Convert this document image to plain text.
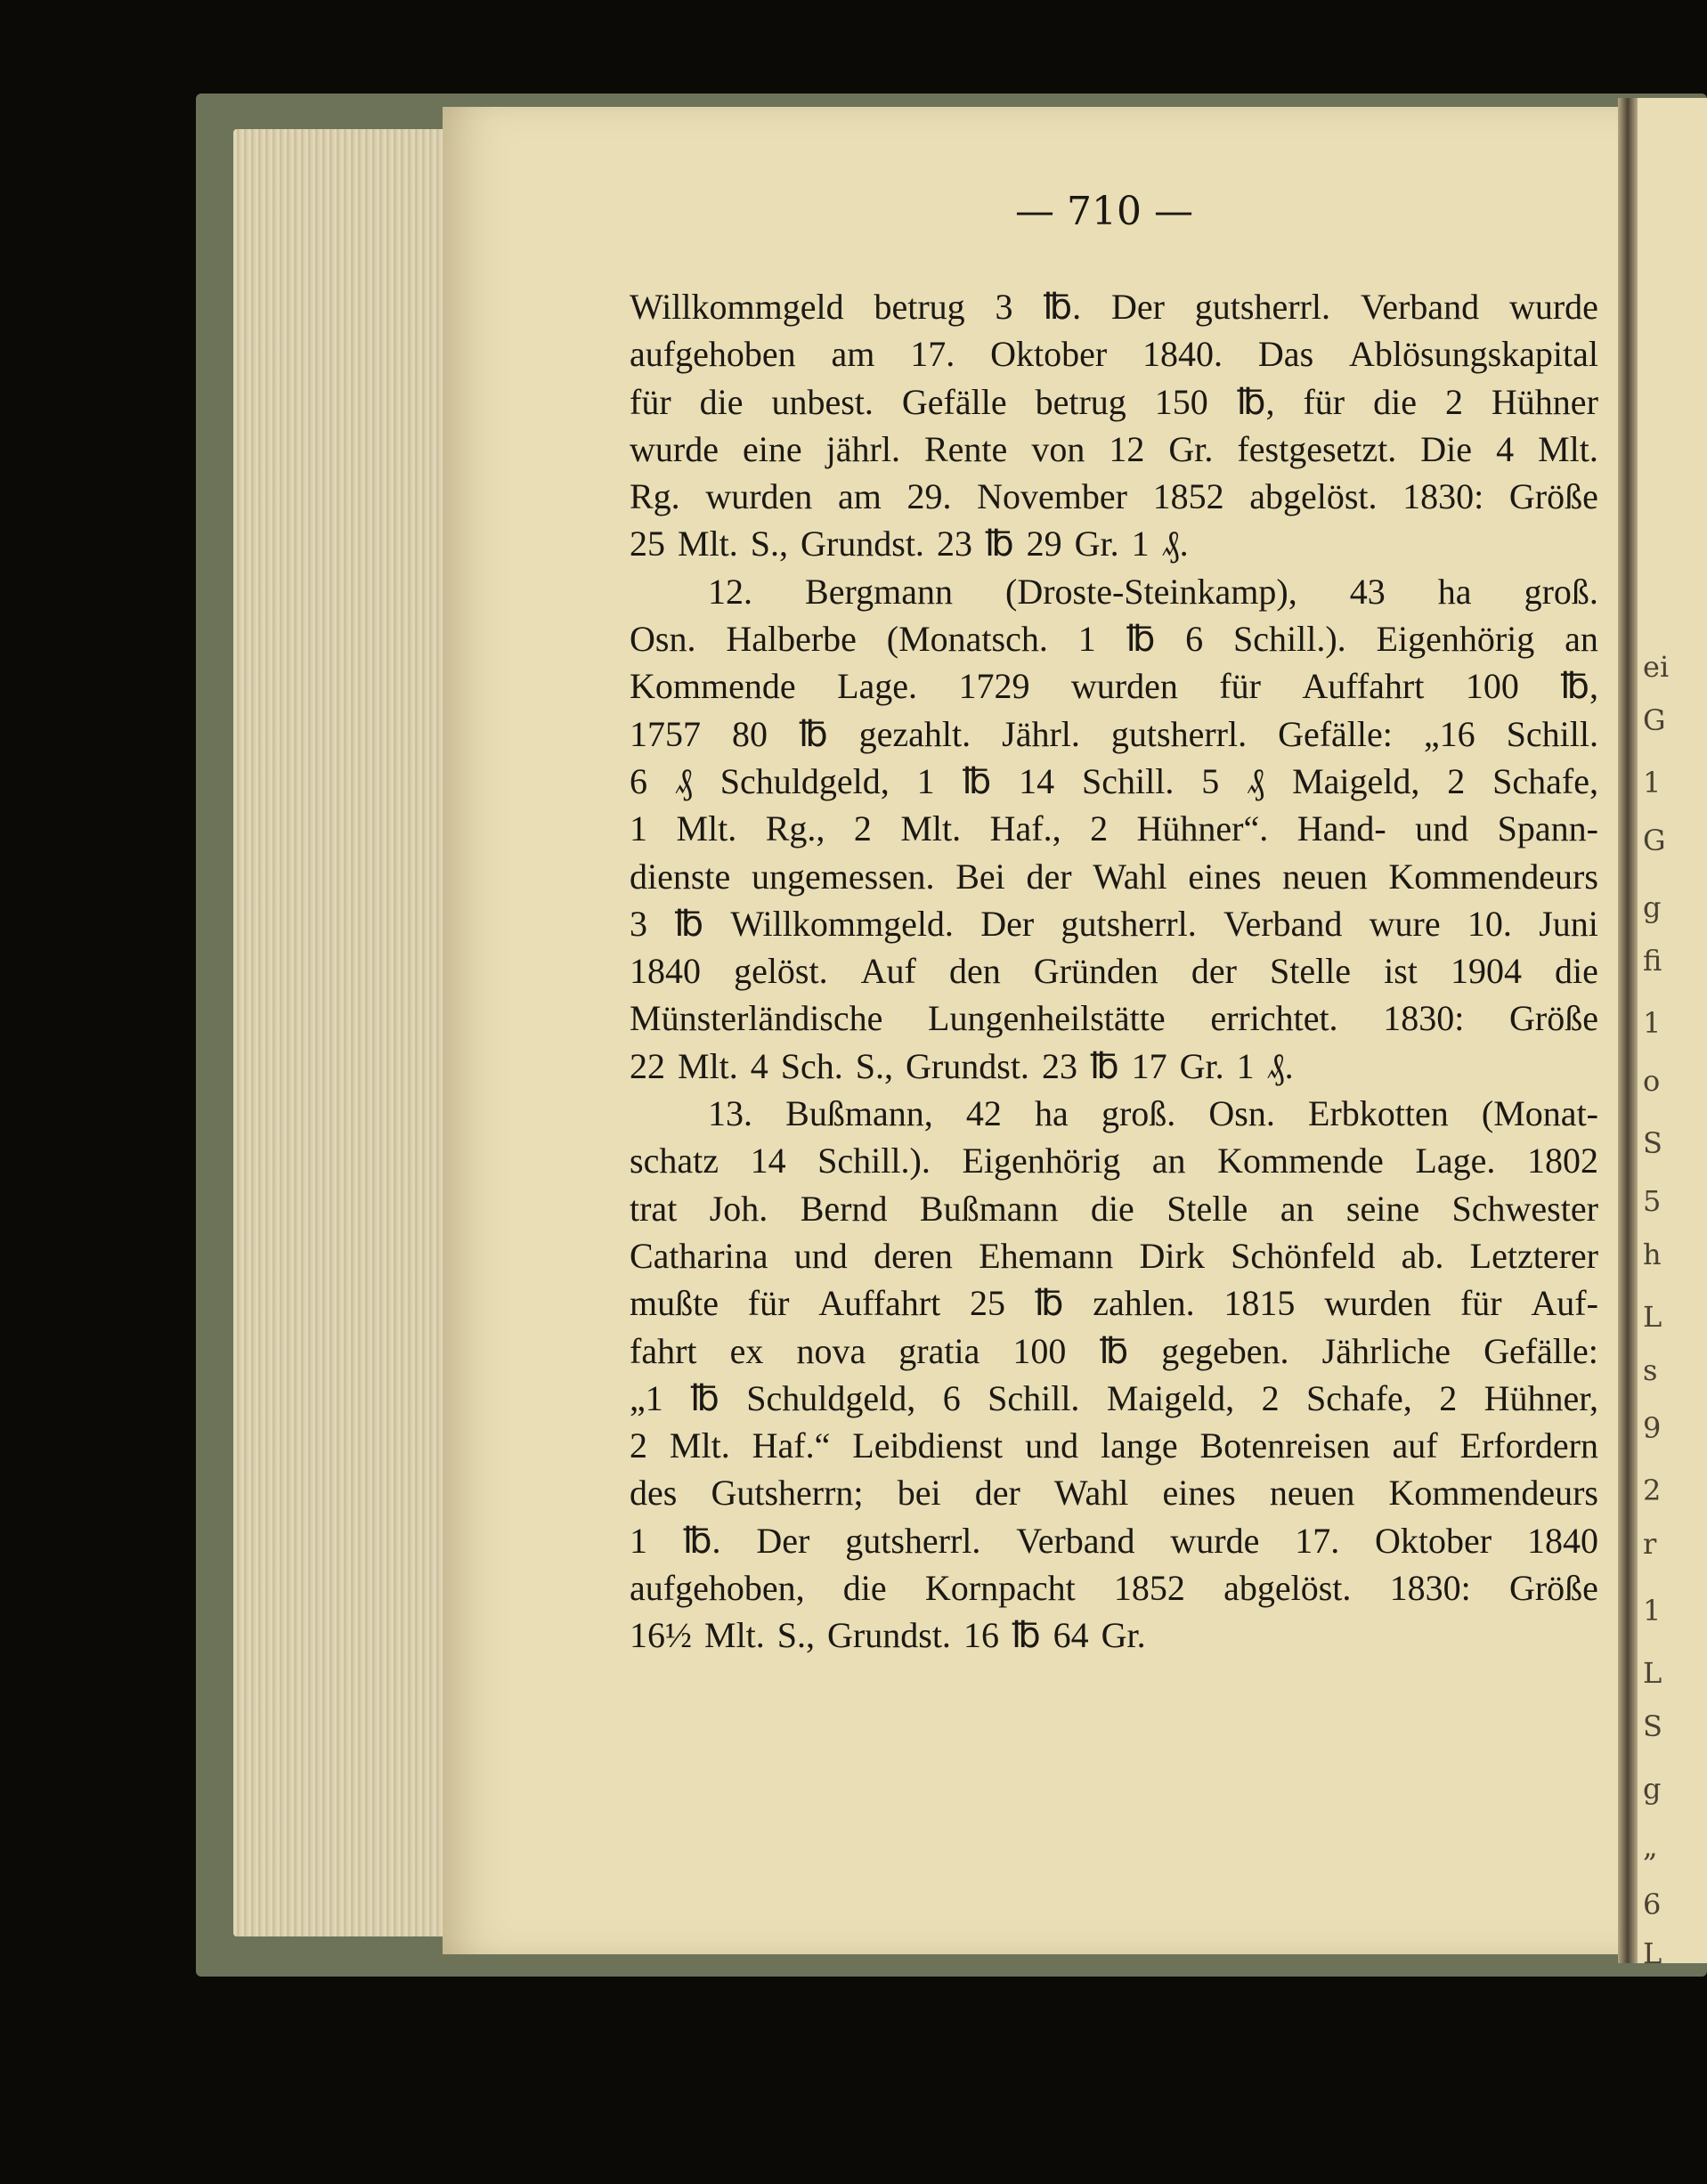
ei
G
1
G
g
fi
1
o
S
5
h
L
s
9
2
r
1
L
S
g
„
6
L
— 710 —
Willkommgeld betrug 3 ℔. Der gutsherrl. Verband wurde
aufgehoben am 17. Oktober 1840. Das Ablösungskapital
für die unbest. Gefälle betrug 150 ℔, für die 2 Hühner
wurde eine jährl. Rente von 12 Gr. festgesetzt. Die 4 Mlt.
Rg. wurden am 29. November 1852 abgelöst. 1830: Größe
25 Mlt. S., Grundst. 23 ℔ 29 Gr. 1 ₰.
12. Bergmann (Droste-Steinkamp), 43 ha groß.
Osn. Halberbe (Monatsch. 1 ℔ 6 Schill.). Eigenhörig an
Kommende Lage. 1729 wurden für Auffahrt 100 ℔,
1757 80 ℔ gezahlt. Jährl. gutsherrl. Gefälle: „16 Schill.
6 ₰ Schuldgeld, 1 ℔ 14 Schill. 5 ₰ Maigeld, 2 Schafe,
1 Mlt. Rg., 2 Mlt. Haf., 2 Hühner“. Hand- und Spann-
dienste ungemessen. Bei der Wahl eines neuen Kommendeurs
3 ℔ Willkommgeld. Der gutsherrl. Verband wure 10. Juni
1840 gelöst. Auf den Gründen der Stelle ist 1904 die
Münsterländische Lungenheilstätte errichtet. 1830: Größe
22 Mlt. 4 Sch. S., Grundst. 23 ℔ 17 Gr. 1 ₰.
13. Bußmann, 42 ha groß. Osn. Erbkotten (Monat-
schatz 14 Schill.). Eigenhörig an Kommende Lage. 1802
trat Joh. Bernd Bußmann die Stelle an seine Schwester
Catharina und deren Ehemann Dirk Schönfeld ab. Letzterer
mußte für Auffahrt 25 ℔ zahlen. 1815 wurden für Auf-
fahrt ex nova gratia 100 ℔ gegeben. Jährliche Gefälle:
„1 ℔ Schuldgeld, 6 Schill. Maigeld, 2 Schafe, 2 Hühner,
2 Mlt. Haf.“ Leibdienst und lange Botenreisen auf Erfordern
des Gutsherrn; bei der Wahl eines neuen Kommendeurs
1 ℔. Der gutsherrl. Verband wurde 17. Oktober 1840
aufgehoben, die Kornpacht 1852 abgelöst. 1830: Größe
16½ Mlt. S., Grundst. 16 ℔ 64 Gr.
